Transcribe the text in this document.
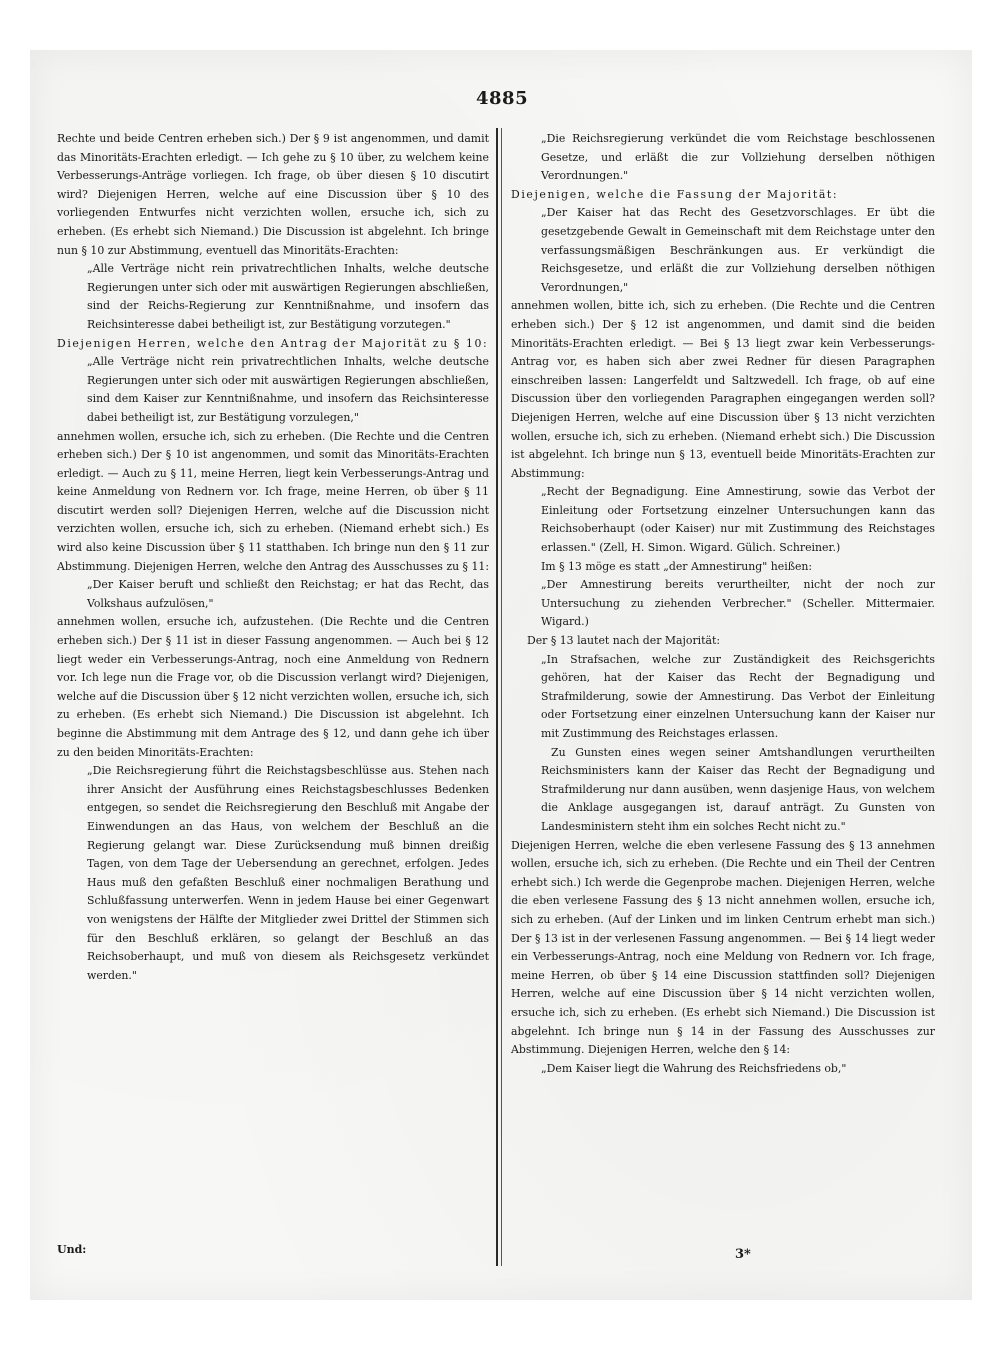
4885

Rechte und beide Centren erheben sich.) Der § 9 ist angenommen, und damit das Minoritäts-Erachten erledigt. — Ich gehe zu § 10 über, zu welchem keine Verbesserungs-Anträge vorliegen. Ich frage, ob über diesen § 10 discutirt wird? Diejenigen Herren, welche auf eine Discussion über § 10 des vorliegenden Entwurfes nicht verzichten wollen, ersuche ich, sich zu erheben. (Es erhebt sich Niemand.) Die Discussion ist abgelehnt. Ich bringe nun § 10 zur Abstimmung, eventuell das Minoritäts-Erachten:

„Alle Verträge nicht rein privatrechtlichen Inhalts, welche deutsche Regierungen unter sich oder mit auswärtigen Regierungen abschließen, sind der Reichs-Regierung zur Kenntnißnahme, und insofern das Reichsinteresse dabei betheiligt ist, zur Bestätigung vorzutegen."

Diejenigen Herren, welche den Antrag der Majorität zu § 10:

„Alle Verträge nicht rein privatrechtlichen Inhalts, welche deutsche Regierungen unter sich oder mit auswärtigen Regierungen abschließen, sind dem Kaiser zur Kenntnißnahme, und insofern das Reichsinteresse dabei betheiligt ist, zur Bestätigung vorzulegen,"

annehmen wollen, ersuche ich, sich zu erheben. (Die Rechte und die Centren erheben sich.) Der § 10 ist angenommen, und somit das Minoritäts-Erachten erledigt. — Auch zu § 11, meine Herren, liegt kein Verbesserungs-Antrag und keine Anmeldung von Rednern vor. Ich frage, meine Herren, ob über § 11 discutirt werden soll? Diejenigen Herren, welche auf die Discussion nicht verzichten wollen, ersuche ich, sich zu erheben. (Niemand erhebt sich.) Es wird also keine Discussion über § 11 statthaben. Ich bringe nun den § 11 zur Abstimmung. Diejenigen Herren, welche den Antrag des Ausschusses zu § 11:

„Der Kaiser beruft und schließt den Reichstag; er hat das Recht, das Volkshaus aufzulösen,"

annehmen wollen, ersuche ich, aufzustehen. (Die Rechte und die Centren erheben sich.) Der § 11 ist in dieser Fassung angenommen. — Auch bei § 12 liegt weder ein Verbesserungs-Antrag, noch eine Anmeldung von Rednern vor. Ich lege nun die Frage vor, ob die Discussion verlangt wird? Diejenigen, welche auf die Discussion über § 12 nicht verzichten wollen, ersuche ich, sich zu erheben. (Es erhebt sich Niemand.) Die Discussion ist abgelehnt. Ich beginne die Abstimmung mit dem Antrage des § 12, und dann gehe ich über zu den beiden Minoritäts-Erachten:

„Die Reichsregierung führt die Reichstagsbeschlüsse aus. Stehen nach ihrer Ansicht der Ausführung eines Reichstagsbeschlusses Bedenken entgegen, so sendet die Reichsregierung den Beschluß mit Angabe der Einwendungen an das Haus, von welchem der Beschluß an die Regierung gelangt war. Diese Zurücksendung muß binnen dreißig Tagen, von dem Tage der Uebersendung an gerechnet, erfolgen. Jedes Haus muß den gefaßten Beschluß einer nochmaligen Berathung und Schlußfassung unterwerfen. Wenn in jedem Hause bei einer Gegenwart von wenigstens der Hälfte der Mitglieder zwei Drittel der Stimmen sich für den Beschluß erklären, so gelangt der Beschluß an das Reichsoberhaupt, und muß von diesem als Reichsgesetz verkündet werden."

Und:

„Die Reichsregierung verkündet die vom Reichstage beschlossenen Gesetze, und erläßt die zur Vollziehung derselben nöthigen Verordnungen."

Diejenigen, welche die Fassung der Majorität:

„Der Kaiser hat das Recht des Gesetzvorschlages. Er übt die gesetzgebende Gewalt in Gemeinschaft mit dem Reichstage unter den verfassungsmäßigen Beschränkungen aus. Er verkündigt die Reichsgesetze, und erläßt die zur Vollziehung derselben nöthigen Verordnungen,"

annehmen wollen, bitte ich, sich zu erheben. (Die Rechte und die Centren erheben sich.) Der § 12 ist angenommen, und damit sind die beiden Minoritäts-Erachten erledigt. — Bei § 13 liegt zwar kein Verbesserungs-Antrag vor, es haben sich aber zwei Redner für diesen Paragraphen einschreiben lassen: Langerfeldt und Saltzwedell. Ich frage, ob auf eine Discussion über den vorliegenden Paragraphen eingegangen werden soll? Diejenigen Herren, welche auf eine Discussion über § 13 nicht verzichten wollen, ersuche ich, sich zu erheben. (Niemand erhebt sich.) Die Discussion ist abgelehnt. Ich bringe nun § 13, eventuell beide Minoritäts-Erachten zur Abstimmung:

„Recht der Begnadigung. Eine Amnestirung, sowie das Verbot der Einleitung oder Fortsetzung einzelner Untersuchungen kann das Reichsoberhaupt (oder Kaiser) nur mit Zustimmung des Reichstages erlassen." (Zell, H. Simon. Wigard. Gülich. Schreiner.)

Im § 13 möge es statt „der Amnestirung" heißen:

„Der Amnestirung bereits verurtheilter, nicht der noch zur Untersuchung zu ziehenden Verbrecher." (Scheller. Mittermaier. Wigard.)

Der § 13 lautet nach der Majorität:

„In Strafsachen, welche zur Zuständigkeit des Reichsgerichts gehören, hat der Kaiser das Recht der Begnadigung und Strafmilderung, sowie der Amnestirung. Das Verbot der Einleitung oder Fortsetzung einer einzelnen Untersuchung kann der Kaiser nur mit Zustimmung des Reichstages erlassen.

Zu Gunsten eines wegen seiner Amtshandlungen verurtheilten Reichsministers kann der Kaiser das Recht der Begnadigung und Strafmilderung nur dann ausüben, wenn dasjenige Haus, von welchem die Anklage ausgegangen ist, darauf anträgt. Zu Gunsten von Landesministern steht ihm ein solches Recht nicht zu."

Diejenigen Herren, welche die eben verlesene Fassung des § 13 annehmen wollen, ersuche ich, sich zu erheben. (Die Rechte und ein Theil der Centren erhebt sich.) Ich werde die Gegenprobe machen. Diejenigen Herren, welche die eben verlesene Fassung des § 13 nicht annehmen wollen, ersuche ich, sich zu erheben. (Auf der Linken und im linken Centrum erhebt man sich.) Der § 13 ist in der verlesenen Fassung angenommen. — Bei § 14 liegt weder ein Verbesserungs-Antrag, noch eine Meldung von Rednern vor. Ich frage, meine Herren, ob über § 14 eine Discussion stattfinden soll? Diejenigen Herren, welche auf eine Discussion über § 14 nicht verzichten wollen, ersuche ich, sich zu erheben. (Es erhebt sich Niemand.) Die Discussion ist abgelehnt. Ich bringe nun § 14 in der Fassung des Ausschusses zur Abstimmung. Diejenigen Herren, welche den § 14:

„Dem Kaiser liegt die Wahrung des Reichsfriedens ob,"

3*
